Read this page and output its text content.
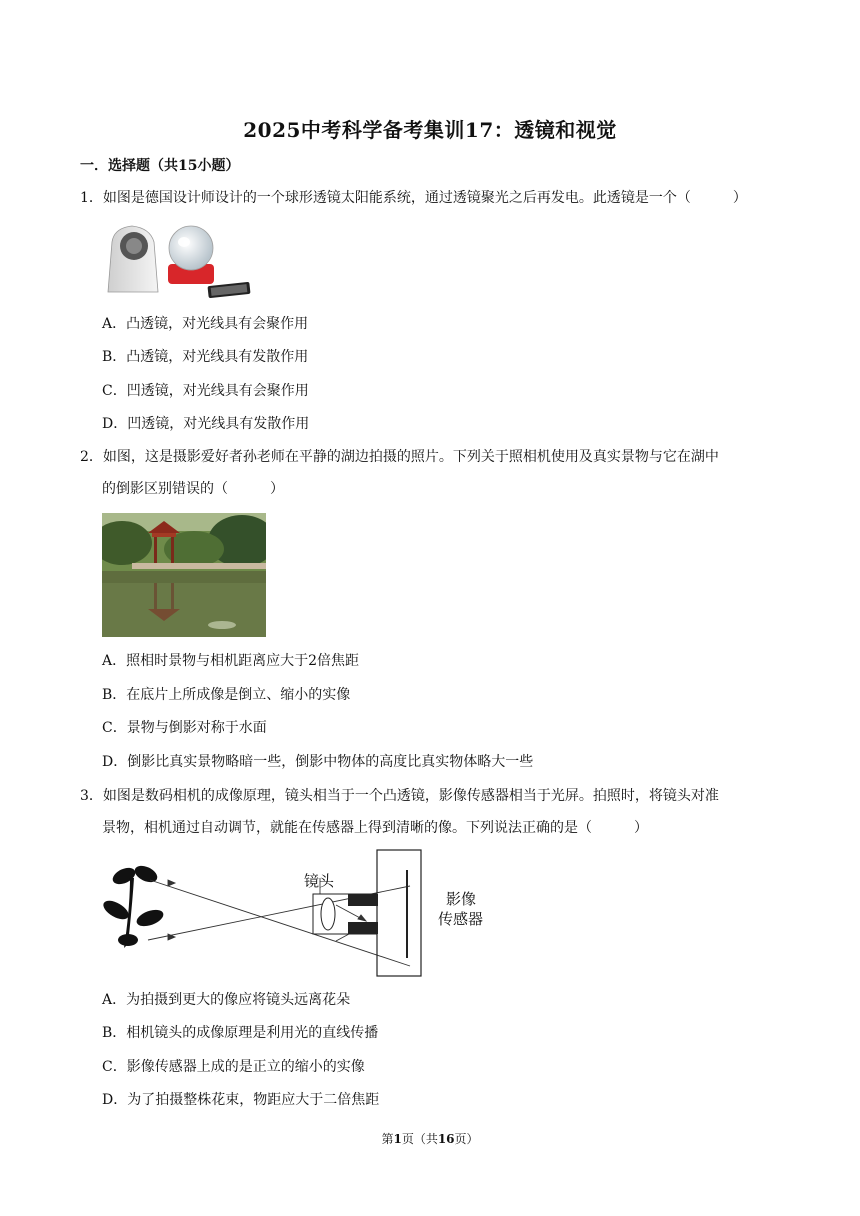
2025中考科学备考集训17：透镜和视觉
一．选择题（共15小题）
1．如图是德国设计师设计的一个球形透镜太阳能系统，通过透镜聚光之后再发电。此透镜是一个（	）
A．凸透镜，对光线具有会聚作用
B．凸透镜，对光线具有发散作用
C．凹透镜，对光线具有会聚作用
D．凹透镜，对光线具有发散作用
2．如图，这是摄影爱好者孙老师在平静的湖边拍摄的照片。下列关于照相机使用及真实景物与它在湖中
的倒影区别错误的（	）
A．照相时景物与相机距离应大于2倍焦距
B．在底片上所成像是倒立、缩小的实像
C．景物与倒影对称于水面
D．倒影比真实景物略暗一些，倒影中物体的高度比真实物体略大一些
3．如图是数码相机的成像原理，镜头相当于一个凸透镜，影像传感器相当于光屏。拍照时，将镜头对准
景物，相机通过自动调节，就能在传感器上得到清晰的像。下列说法正确的是（	）
镜头
影像
传感器
A．为拍摄到更大的像应将镜头远离花朵
B．相机镜头的成像原理是利用光的直线传播
C．影像传感器上成的是正立的缩小的实像
D．为了拍摄整株花束，物距应大于二倍焦距
第1页（共16页）
